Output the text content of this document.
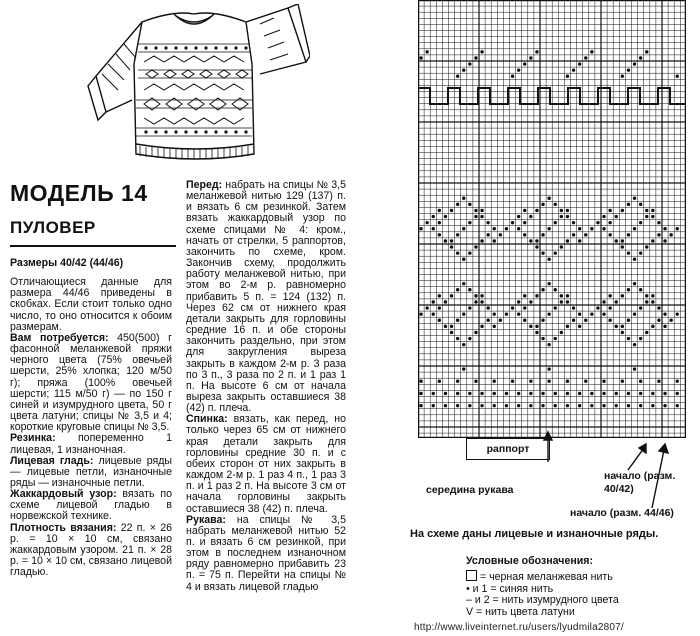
МОДЕЛЬ 14
ПУЛОВЕР

Размеры 40/42 (44/46)

Отличающиеся данные для размера 44/46 приведены в скобках. Если стоит только одно число, то оно относится к обоим размерам.

Вам потребуется: 450(500) г фасонной меланжевой пряжи черного цвета (75% овечьей шерсти, 25% хлопка; 120 м/50 г); пряжа (100% овечьей шерсти; 115 м/50 г) — по 150 г синей и изумрудного цвета, 50 г цвета латуни; спицы № 3,5 и 4; короткие круговые спицы № 3,5.

Резинка: попеременно 1 лицевая, 1 изнаночная.

Лицевая гладь: лицевые ряды — лицевые петли, изнаночные ряды — изнаночные петли.

Жаккардовый узор: вязать по схеме лицевой гладью в норвежской технике.

Плотность вязания: 22 п. × 26 р. = 10 × 10 см, связано жаккардовым узором. 21 п. × 28 р. = 10 × 10 см, связано лицевой гладью.

Перед: набрать на спицы № 3,5 меланжевой нитью 129 (137) п. и вязать 6 см резинкой. Затем вязать жаккардовый узор по схеме спицами № 4: кром., начать от стрелки, 5 раппортов, закончить по схеме, кром. Закончив схему, продолжить работу меланжевой нитью, при этом во 2-м р. равномерно прибавить 5 п. = 124 (132) п. Через 62 см от нижнего края детали закрыть для горловины средние 16 п. и обе стороны закончить раздельно, при этом для закругления выреза закрыть в каждом 2-м р. 3 раза по 3 п., 3 раза по 2 п. и 1 раз 1 п. На высоте 6 см от начала выреза закрыть оставшиеся 38 (42) п. плеча.

Спинка: вязать, как перед, но только через 65 см от нижнего края детали закрыть для горловины средние 30 п. и с обеих сторон от них закрыть в каждом 2-м р. 1 раз 4 п., 1 раз 3 п. и 1 раз 2 п. На высоте 3 см от начала горловины закрыть оставшиеся 38 (42) п. плеча.

Рукава: на спицы № 3,5 набрать меланжевой нитью 52 п. и вязать 6 см резинкой, при этом в последнем изнаночном ряду равномерно прибавить 23 п. = 75 п. Перейти на спицы № 4 и вязать лицевой гладью

раппорт
середина рукава
начало (разм. 40/42)
начало (разм. 44/46)
На схеме даны лицевые и изнаночные ряды.

Условные обозначения:

= черная меланжевая нить

• и 1 = синяя нить

– и 2 = нить изумрудного цвета

V = нить цвета латуни

http://www.liveinternet.ru/users/lyudmila2807/
